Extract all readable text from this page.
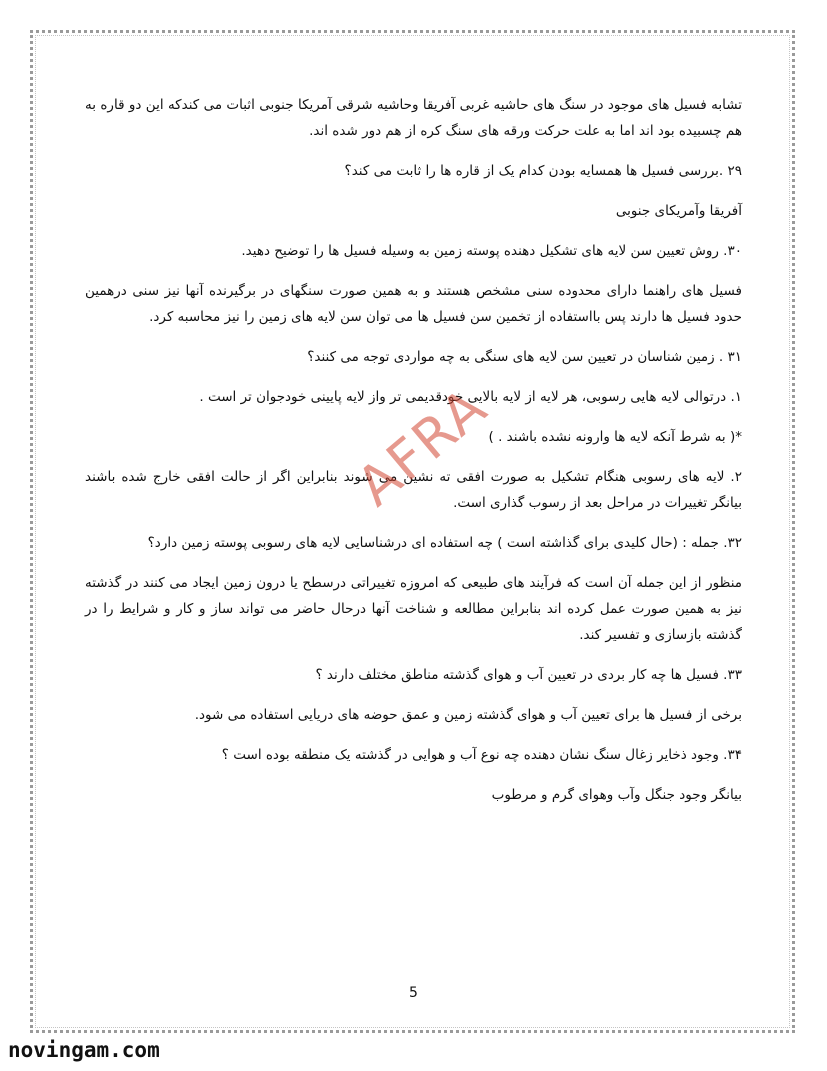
تشابه فسیل های موجود در سنگ های حاشیه غربی آفریقا وحاشیه شرقی آمریکا جنوبی اثبات می کندکه این دو قاره به هم چسبیده بود اند اما به علت حرکت ورقه های سنگ کره از هم دور شده اند.

۲۹ .بررسی فسیل ها همسایه بودن کدام یک از قاره ها را ثابت می کند؟

آفریقا وآمریکای جنوبی

۳۰. روش تعیین سن لایه های تشکیل دهنده پوسته زمین به وسیله فسیل ها را توضیح دهید.

فسیل های راهنما دارای محدوده سنی مشخص هستند و به همین صورت سنگهای در برگیرنده آنها نیز سنی درهمین حدود فسیل ها دارند پس بااستفاده از تخمین سن فسیل ها می توان سن لایه های زمین را نیز محاسبه کرد.

۳۱ . زمین شناسان در تعیین سن لایه های سنگی به چه مواردی توجه می کنند؟

۱. درتوالی لایه هایی رسوبی، هر لایه از لایه بالایی خودقدیمی تر واز لایه پایینی خودجوان تر است .

*( به شرط آنکه لایه ها وارونه نشده باشند . )

۲. لایه های رسوبی هنگام تشکیل به صورت افقی ته نشین می شوند بنابراین اگر از حالت افقی خارج شده باشند بیانگر تغییرات در مراحل بعد از رسوب گذاری است.

۳۲. جمله : (حال کلیدی برای گذاشته است ) چه استفاده ای درشناسایی لایه های رسوبی پوسته زمین دارد؟

منظور از این جمله آن است که فرآیند های طبیعی که امروزه تغییراتی درسطح یا درون زمین ایجاد می کنند در گذشته نیز به همین صورت عمل کرده اند بنابراین مطالعه و شناخت آنها درحال حاضر می تواند ساز و کار و شرایط را در گذشته بازسازی و تفسیر کند.

۳۳. فسیل ها چه کار بردی در تعیین آب و هوای گذشته مناطق مختلف دارند ؟

برخی از فسیل ها برای تعیین آب و هوای گذشته زمین و عمق حوضه های دریایی استفاده می شود.

۳۴. وجود ذخایر زغال سنگ نشان دهنده چه نوع آب و هوایی در گذشته یک منطقه بوده است ؟

بیانگر وجود جنگل وآب وهوای گرم و مرطوب

AFRA
5
novingam.com
